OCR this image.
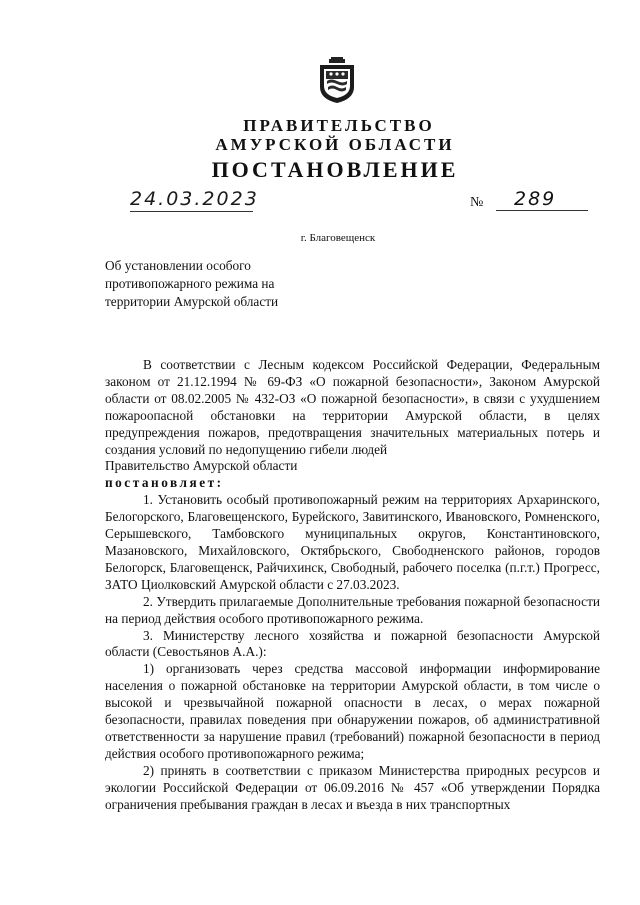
ПРАВИТЕЛЬСТВО
АМУРСКОЙ ОБЛАСТИ
ПОСТАНОВЛЕНИЕ
24.03.2023	№	289
г. Благовещенск
Об установлении особого
противопожарного режима на
территории Амурской области

В соответствии с Лесным кодексом Российской Федерации, Федеральным законом от 21.12.1994 № 69-ФЗ «О пожарной безопасности», Законом Амурской области от 08.02.2005 № 432-ОЗ «О пожарной безопасности», в связи с ухудшением пожароопасной обстановки на территории Амурской области, в целях предупреждения пожаров, предотвращения значительных материальных потерь и создания условий по недопущению гибели людей

Правительство Амурской области

постановляет:

1. Установить особый противопожарный режим на территориях Архаринского, Белогорского, Благовещенского, Бурейского, Завитинского, Ивановского, Ромненского, Серышевского, Тамбовского муниципальных округов, Константиновского, Мазановского, Михайловского, Октябрьского, Свободненского районов, городов Белогорск, Благовещенск, Райчихинск, Свободный, рабочего поселка (п.г.т.) Прогресс, ЗАТО Циолковский Амурской области с 27.03.2023.

2. Утвердить прилагаемые Дополнительные требования пожарной безопасности на период действия особого противопожарного режима.

3. Министерству лесного хозяйства и пожарной безопасности Амурской области (Севостьянов А.А.):

1) организовать через средства массовой информации информирование населения о пожарной обстановке на территории Амурской области, в том числе о высокой и чрезвычайной пожарной опасности в лесах, о мерах пожарной безопасности, правилах поведения при обнаружении пожаров, об административной ответственности за нарушение правил (требований) пожарной безопасности в период действия особого противопожарного режима;

2) принять в соответствии с приказом Министерства природных ресурсов и экологии Российской Федерации от 06.09.2016 № 457 «Об утверждении Порядка ограничения пребывания граждан в лесах и въезда в них транспортных
